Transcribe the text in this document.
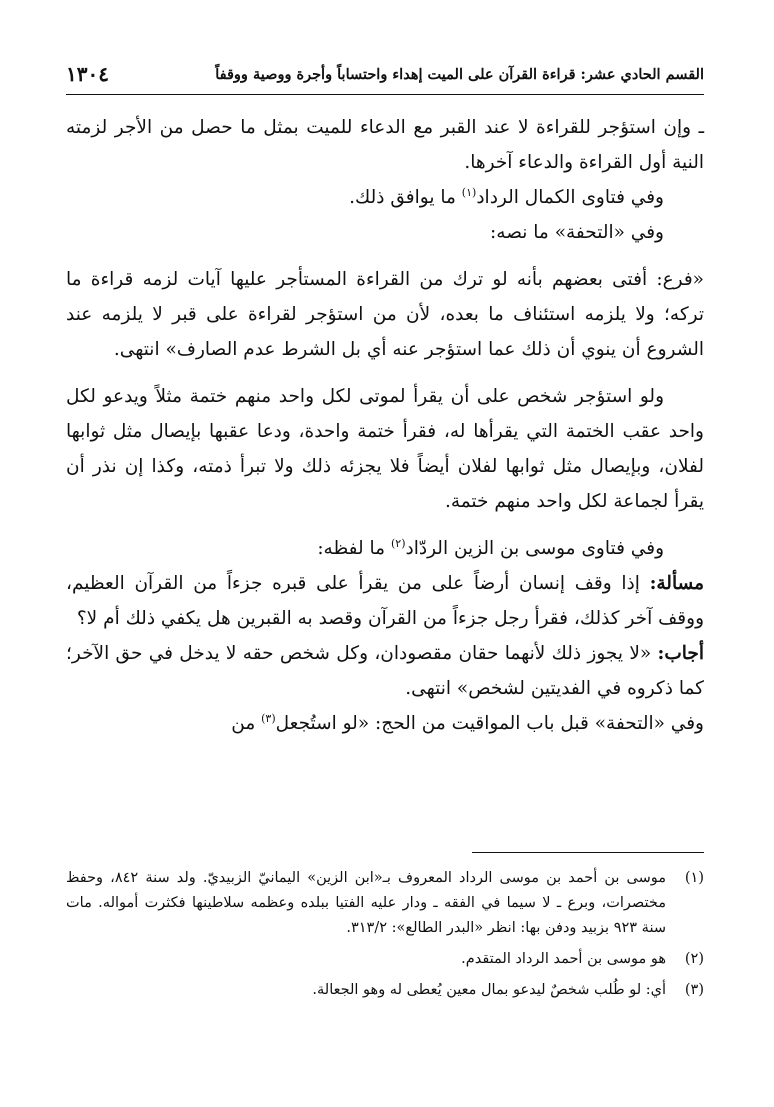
القسم الحادي عشر: قراءة القرآن على الميت إهداء واحتساباً وأجرة ووصية ووقفاً
١٣٠٤

ـ وإن استؤجر للقراءة لا عند القبر مع الدعاء للميت بمثل ما حصل من الأجر لزمته النية أول القراءة والدعاء آخرها.

وفي فتاوى الكمال الرداد$^{(١)}$ ما يوافق ذلك.

وفي «التحفة» ما نصه:

«فرع: أفتى بعضهم بأنه لو ترك من القراءة المستأجر عليها آيات لزمه قراءة ما تركه؛ ولا يلزمه استئناف ما بعده، لأن من استؤجر لقراءة على قبر لا يلزمه عند الشروع أن ينوي أن ذلك عما استؤجر عنه أي بل الشرط عدم الصارف» انتهى.

ولو استؤجر شخص على أن يقرأ لموتى لكل واحد منهم ختمة مثلاً ويدعو لكل واحد عقب الختمة التي يقرأها له، فقرأ ختمة واحدة، ودعا عقبها بإيصال مثل ثوابها لفلان، وبإيصال مثل ثوابها لفلان أيضاً فلا يجزئه ذلك ولا تبرأ ذمته، وكذا إن نذر أن يقرأ لجماعة لكل واحد منهم ختمة.

وفي فتاوى موسى بن الزين الردّاد$^{(٢)}$ ما لفظه:

مسألة: إذا وقف إنسان أرضاً على من يقرأ على قبره جزءاً من القرآن العظيم، ووقف آخر كذلك، فقرأ رجل جزءاً من القرآن وقصد به القبرين هل يكفي ذلك أم لا؟

أجاب: «لا يجوز ذلك لأنهما حقان مقصودان، وكل شخص حقه لا يدخل في حق الآخر؛ كما ذكروه في الفديتين لشخص» انتهى.

وفي «التحفة» قبل باب المواقيت من الحج: «لو استُجعل$^{(٣)}$ من

(١)
موسى بن أحمد بن موسى الرداد المعروف بـ«ابن الزين» اليمانيّ الزبيديّ. ولد سنة ٨٤٢، وحفظ مختصرات، وبرع ـ لا سيما في الفقه ـ ودار عليه الفتيا ببلده وعظمه سلاطينها فكثرت أمواله. مات سنة ٩٢٣ بزبيد ودفن بها: انظر «البدر الطالع»: ٣١٣/٢.
(٢)
هو موسى بن أحمد الرداد المتقدم.
(٣)
أي: لو طُلب شخصٌ ليدعو بمال معين يُعطى له وهو الجعالة.
